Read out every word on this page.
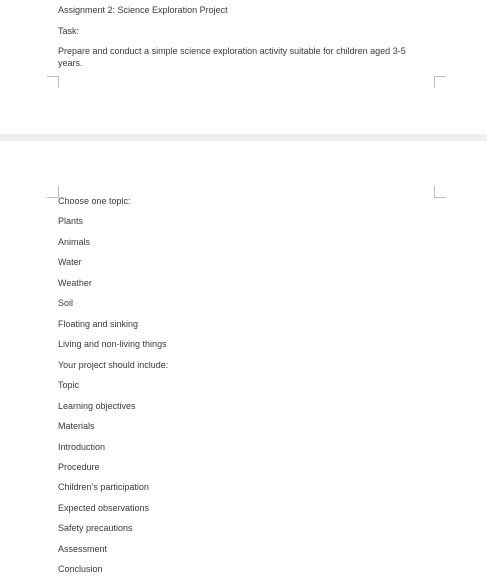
Assignment 2: Science Exploration Project
Task:
Prepare and conduct a simple science exploration activity suitable for children aged 3-5 years.
Choose one topic:
Plants
Animals
Water
Weather
Soil
Floating and sinking
Living and non-living things
Your project should include:
Topic
Learning objectives
Materials
Introduction
Procedure
Children’s participation
Expected observations
Safety precautions
Assessment
Conclusion
